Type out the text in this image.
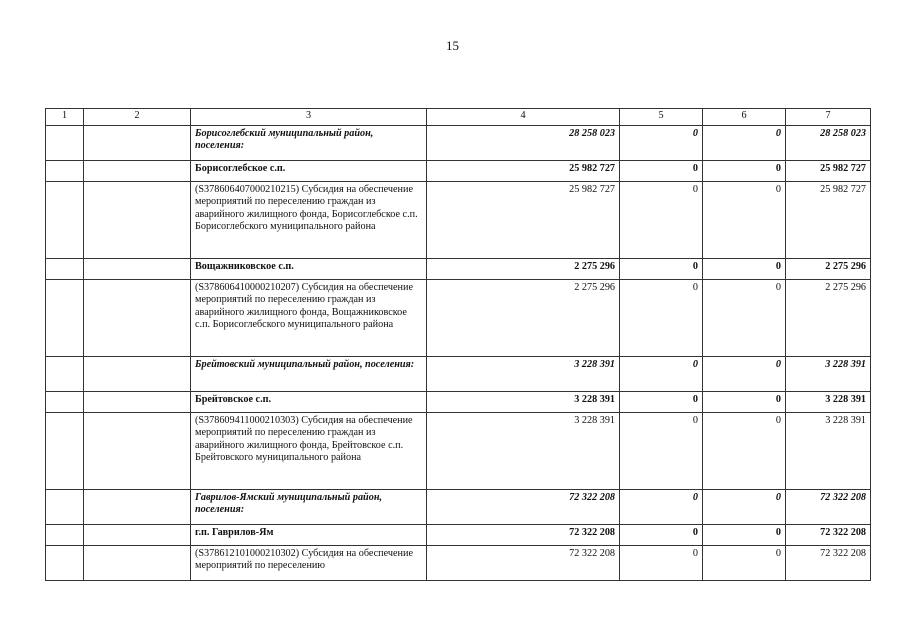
15
1	2	3	4	5	6	7
		Борисоглебский муниципальный район, поселения:	28 258 023	0	0	28 258 023
		Борисоглебское с.п.	25 982 727	0	0	25 982 727
		(S378606407000210215) Субсидия на обеспечение мероприятий по переселению граждан из аварийного жилищного фонда, Борисоглебское с.п. Борисоглебского муниципального района	25 982 727	0	0	25 982 727
		Вощажниковское с.п.	2 275 296	0	0	2 275 296
		(S378606410000210207) Субсидия на обеспечение мероприятий по переселению граждан из аварийного жилищного фонда, Вощажниковское с.п. Борисоглебского муниципального района	2 275 296	0	0	2 275 296
		Брейтовский муниципальный район, поселения:	3 228 391	0	0	3 228 391
		Брейтовское с.п.	3 228 391	0	0	3 228 391
		(S378609411000210303) Субсидия на обеспечение мероприятий по переселению граждан из аварийного жилищного фонда, Брейтовское с.п. Брейтовского муниципального района	3 228 391	0	0	3 228 391
		Гаврилов-Ямский муниципальный район, поселения:	72 322 208	0	0	72 322 208
		г.п. Гаврилов-Ям	72 322 208	0	0	72 322 208
		(S378612101000210302) Субсидия на обеспечение мероприятий по переселению	72 322 208	0	0	72 322 208
